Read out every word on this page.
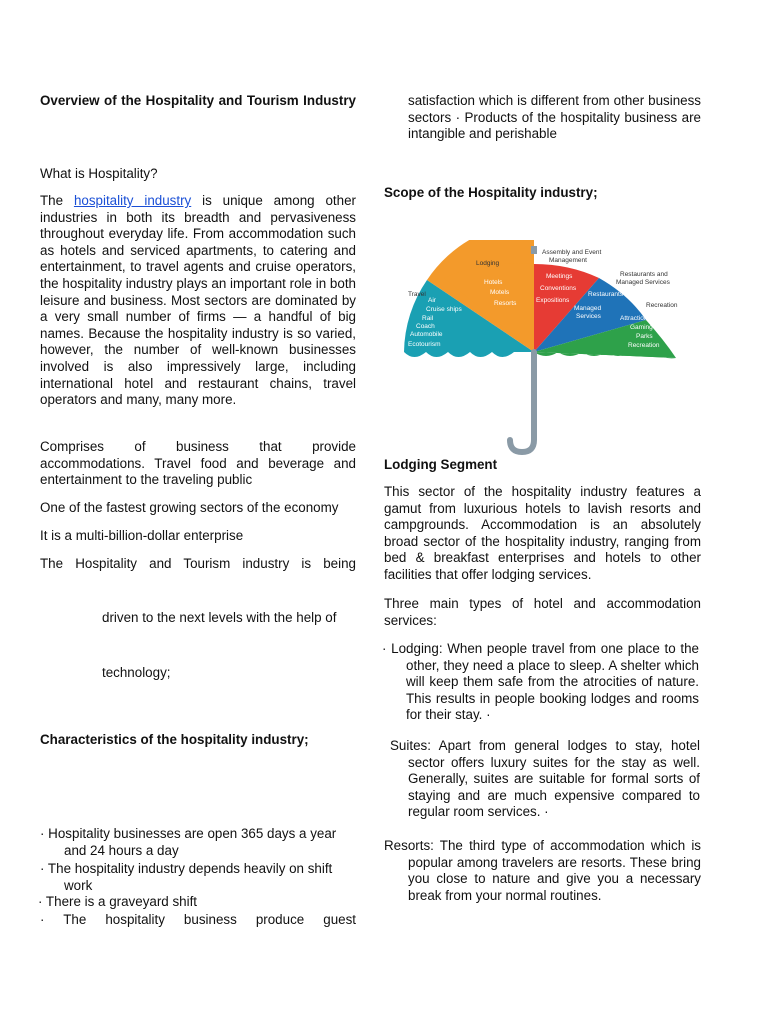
Overview of the Hospitality and Tourism Industry

What is Hospitality?

The hospitality industry is unique among other industries in both its breadth and pervasiveness throughout everyday life. From accommodation such as hotels and serviced apartments, to catering and entertainment, to travel agents and cruise operators, the hospitality industry plays an important role in both leisure and business. Most sectors are dominated by a very small number of firms — a handful of big names. Because the hospitality industry is so varied, however, the number of well-known businesses involved is also impressively large, including international hotel and restaurant chains, travel operators and many, many more.

Comprises of business that provide accommodations. Travel food and beverage and entertainment to the traveling public

One of the fastest growing sectors of the economy

It is a multi-billion-dollar enterprise

The Hospitality and Tourism industry is being

driven to the next levels with the help of

technology;

Characteristics of the hospitality industry;

· Hospitality businesses are open 365 days a year and 24 hours a day

· The hospitality industry depends heavily on shift work

· There is a graveyard shift

· The hospitality business produce guest

satisfaction which is different from other business sectors · Products of the hospitality business are intangible and perishable

Scope of the Hospitality industry;

Travel
Lodging
Assembly and Event
Management
Restaurants and
Managed Services
Recreation
Air
Cruise ships
Rail
Coach
Automobile
Ecotourism
Hotels
Motels
Resorts
Meetings
Conventions
Expositions
Restaurants
Managed
Services	Attractions
Gaming
Parks
Recreation

Lodging Segment

This sector of the hospitality industry features a gamut from luxurious hotels to lavish resorts and campgrounds. Accommodation is an absolutely broad sector of the hospitality industry, ranging from bed & breakfast enterprises and hotels to other facilities that offer lodging services.

Three main types of hotel and accommodation services:

· Lodging: When people travel from one place to the other, they need a place to sleep. A shelter which will keep them safe from the atrocities of nature. This results in people booking lodges and rooms for their stay. ·

Suites: Apart from general lodges to stay, hotel sector offers luxury suites for the stay as well. Generally, suites are suitable for formal sorts of staying and are much expensive compared to regular room services. ·

Resorts: The third type of accommodation which is popular among travelers are resorts. These bring you close to nature and give you a necessary break from your normal routines.
